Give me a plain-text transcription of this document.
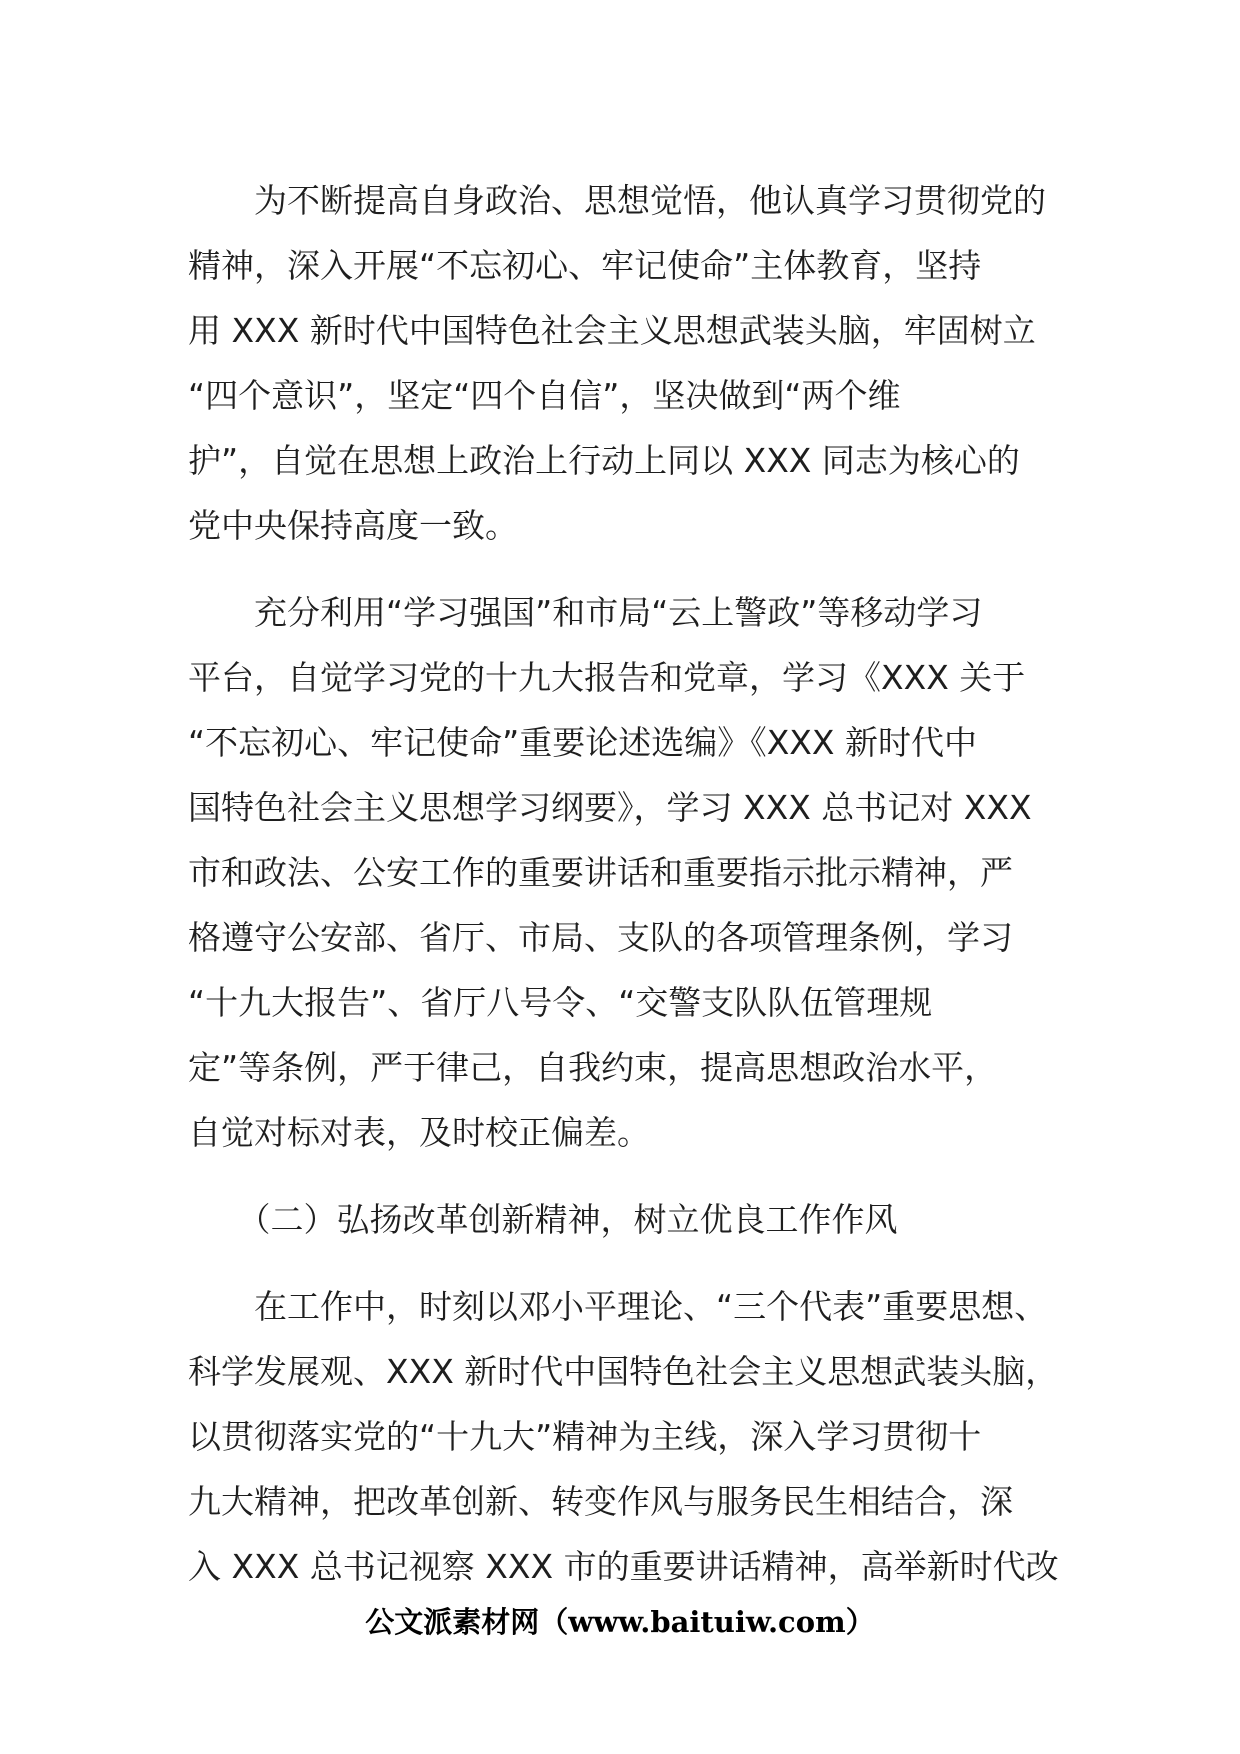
　　为不断提高自身政治、思想觉悟，他认真学习贯彻党的
精神，深入开展“不忘初心、牢记使命”主体教育，坚持
用 XXX 新时代中国特色社会主义思想武装头脑，牢固树立
“四个意识”，坚定“四个自信”，坚决做到“两个维
护”，自觉在思想上政治上行动上同以 XXX 同志为核心的
党中央保持高度一致。
　　充分利用“学习强国”和市局“云上警政”等移动学习
平台，自觉学习党的十九大报告和党章，学习《XXX 关于
“不忘初心、牢记使命”重要论述选编》《XXX 新时代中
国特色社会主义思想学习纲要》，学习 XXX 总书记对 XXX
市和政法、公安工作的重要讲话和重要指示批示精神，严
格遵守公安部、省厅、市局、支队的各项管理条例，学习
“十九大报告”、省厅八号令、“交警支队队伍管理规
定”等条例，严于律己，自我约束，提高思想政治水平，
自觉对标对表，及时校正偏差。
　　（二）弘扬改革创新精神，树立优良工作作风
　　在工作中，时刻以邓小平理论、“三个代表”重要思想、
科学发展观、XXX 新时代中国特色社会主义思想武装头脑，
以贯彻落实党的“十九大”精神为主线，深入学习贯彻十
九大精神，把改革创新、转变作风与服务民生相结合，深
入 XXX 总书记视察 XXX 市的重要讲话精神，高举新时代改
公文派素材网（www.baituiw.com）
